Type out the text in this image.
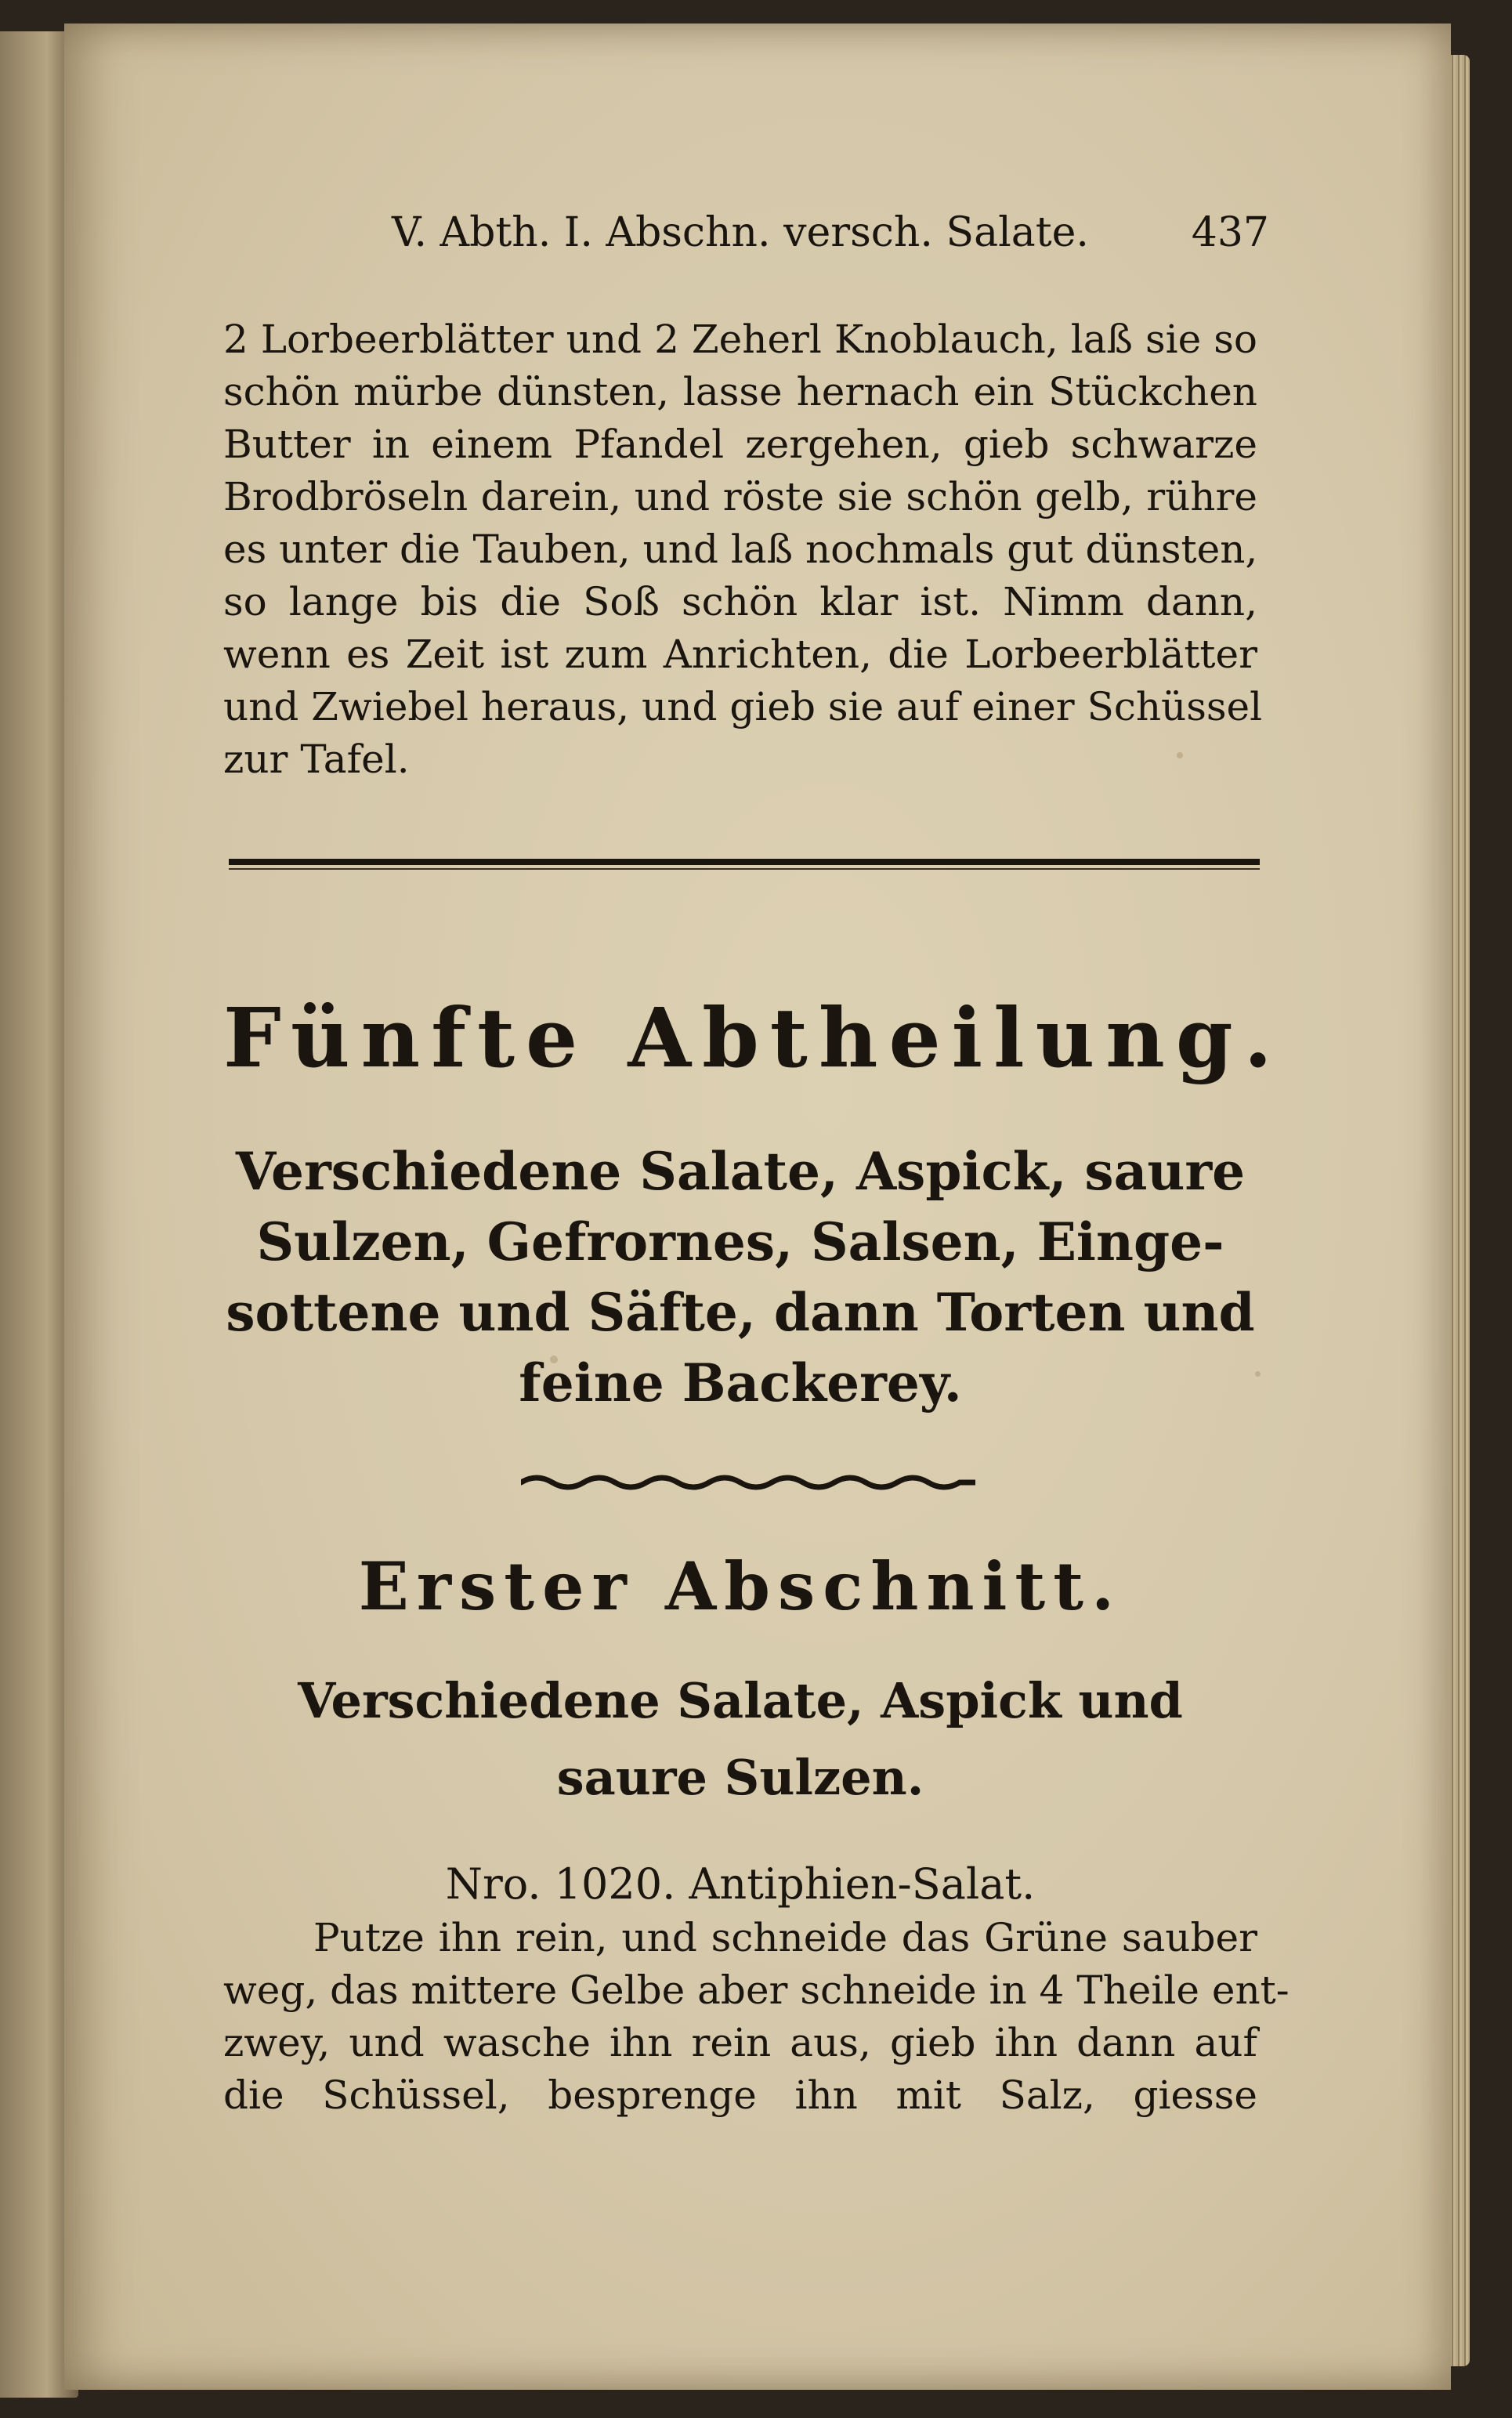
V. Abth. I. Abschn. versch. Salate.	437
2 Lorbeerblätter und 2 Zeherl Knoblauch, laß sie so
schön mürbe dünsten, lasse hernach ein Stückchen
Butter in einem Pfandel zergehen, gieb schwarze
Brodbröseln darein, und röste sie schön gelb, rühre
es unter die Tauben, und laß nochmals gut dünsten,
so lange bis die Soß schön klar ist. Nimm dann,
wenn es Zeit ist zum Anrichten, die Lorbeerblätter
und Zwiebel heraus, und gieb sie auf einer Schüssel
zur Tafel.
Fünfte Abtheilung.
Verschiedene Salate, Aspick, saure
Sulzen, Gefrornes, Salsen, Einge-
sottene und Säfte, dann Torten und
feine Backerey.
Erster Abschnitt.
Verschiedene Salate, Aspick und
saure Sulzen.
Nro. 1020. Antiphien-Salat.
Putze ihn rein, und schneide das Grüne sauber
weg, das mittere Gelbe aber schneide in 4 Theile ent-
zwey, und wasche ihn rein aus, gieb ihn dann auf
die Schüssel, besprenge ihn mit Salz, giesse
